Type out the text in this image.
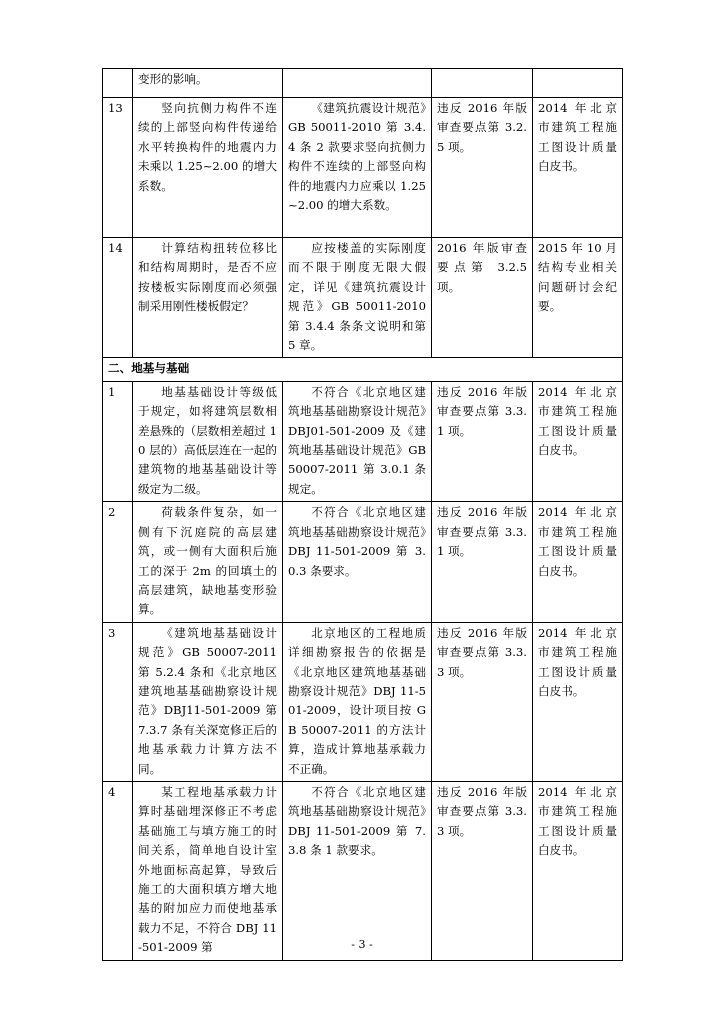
	变形的影响。			
13	竖向抗侧力构件不连续的上部竖向构件传递给水平转换构件的地震内力未乘以 1.25~2.00 的增大系数。	《建筑抗震设计规范》GB 50011-2010 第 3.4.4 条 2 款要求竖向抗侧力构件不连续的上部竖向构件的地震内力应乘以 1.25~2.00 的增大系数。	违反 2016 年版审查要点第 3.2.5 项。	2014 年北京市建筑工程施工图设计质量白皮书。
14	计算结构扭转位移比和结构周期时，是否不应按楼板实际刚度而必须强制采用刚性楼板假定？	应按楼盖的实际刚度而不限于刚度无限大假定，详见《建筑抗震设计规范》GB 50011-2010 第 3.4.4 条条文说明和第 5 章。	2016 年版审查要点第 3.2.5 项。	2015 年 10 月结构专业相关问题研讨会纪要。
二、地基与基础				
1	地基基础设计等级低于规定，如将建筑层数相差悬殊的（层数相差超过 10 层的）高低层连在一起的建筑物的地基基础设计等级定为二级。	不符合《北京地区建筑地基基础勘察设计规范》DBJ01-501-2009 及《建筑地基基础设计规范》GB 50007-2011 第 3.0.1 条规定。	违反 2016 年版审查要点第 3.3.1 项。	2014 年北京市建筑工程施工图设计质量白皮书。
2	荷载条件复杂，如一侧有下沉庭院的高层建筑，或一侧有大面积后施工的深于 2m 的回填土的高层建筑，缺地基变形验算。	不符合《北京地区建筑地基基础勘察设计规范》DBJ 11-501-2009 第 3.0.3 条要求。	违反 2016 年版审查要点第 3.3.1 项。	2014 年北京市建筑工程施工图设计质量白皮书。
3	《建筑地基基础设计规范》GB 50007-2011 第 5.2.4 条和《北京地区建筑地基基础勘察设计规范》DBJ11-501-2009 第 7.3.7 条有关深宽修正后的地基承载力计算方法不同。	北京地区的工程地质详细勘察报告的依据是《北京地区建筑地基基础勘察设计规范》DBJ 11-501-2009，设计项目按 GB 50007-2011 的方法计算，造成计算地基承载力不正确。	违反 2016 年版审查要点第 3.3.3 项。	2014 年北京市建筑工程施工图设计质量白皮书。
4	某工程地基承载力计算时基础埋深修正不考虑基础施工与填方施工的时间关系，简单地自设计室外地面标高起算，导致后施工的大面积填方增大地基的附加应力而使地基承载力不足，不符合 DBJ 11-501-2009 第	不符合《北京地区建筑地基基础勘察设计规范》DBJ 11-501-2009 第 7.3.8 条 1 款要求。	违反 2016 年版审查要点第 3.3.3 项。	2014 年北京市建筑工程施工图设计质量白皮书。
- 3 -
